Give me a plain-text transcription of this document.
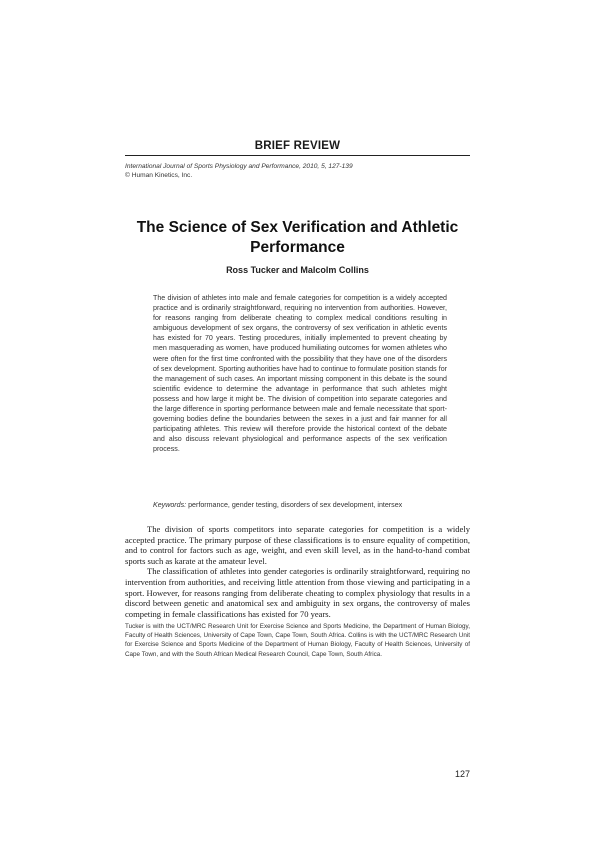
BRIEF REVIEW
International Journal of Sports Physiology and Performance, 2010, 5, 127-139
© Human Kinetics, Inc.
The Science of Sex Verification and Athletic Performance
Ross Tucker and Malcolm Collins
The division of athletes into male and female categories for competition is a widely accepted practice and is ordinarily straightforward, requiring no intervention from authorities. However, for reasons ranging from deliberate cheating to complex medical conditions resulting in ambiguous development of sex organs, the controversy of sex verification in athletic events has existed for 70 years. Testing procedures, initially implemented to prevent cheating by men masquerading as women, have produced humiliating outcomes for women athletes who were often for the first time confronted with the possibility that they have one of the disorders of sex development. Sporting authorities have had to continue to formulate position stands for the management of such cases. An important missing component in this debate is the sound scientific evidence to determine the advantage in performance that such athletes might possess and how large it might be. The division of competition into separate categories and the large difference in sporting performance between male and female necessitate that sport-governing bodies define the boundaries between the sexes in a just and fair manner for all participating athletes. This review will therefore provide the historical context of the debate and also discuss relevant physiological and performance aspects of the sex verification process.
Keywords: performance, gender testing, disorders of sex development, intersex

The division of sports competitors into separate categories for competition is a widely accepted practice. The primary purpose of these classifications is to ensure equality of competition, and to control for factors such as age, weight, and even skill level, as in the hand-to-hand combat sports such as karate at the amateur level.

The classification of athletes into gender categories is ordinarily straightforward, requiring no intervention from authorities, and receiving little attention from those viewing and participating in a sport. However, for reasons ranging from deliberate cheating to complex physiology that results in a discord between genetic and anatomical sex and ambiguity in sex organs, the controversy of males competing in female classifications has existed for 70 years.

Tucker is with the UCT/MRC Research Unit for Exercise Science and Sports Medicine, the Department of Human Biology, Faculty of Health Sciences, University of Cape Town, Cape Town, South Africa. Collins is with the UCT/MRC Research Unit for Exercise Science and Sports Medicine of the Department of Human Biology, Faculty of Health Sciences, University of Cape Town, and with the South African Medical Research Council, Cape Town, South Africa.
127
